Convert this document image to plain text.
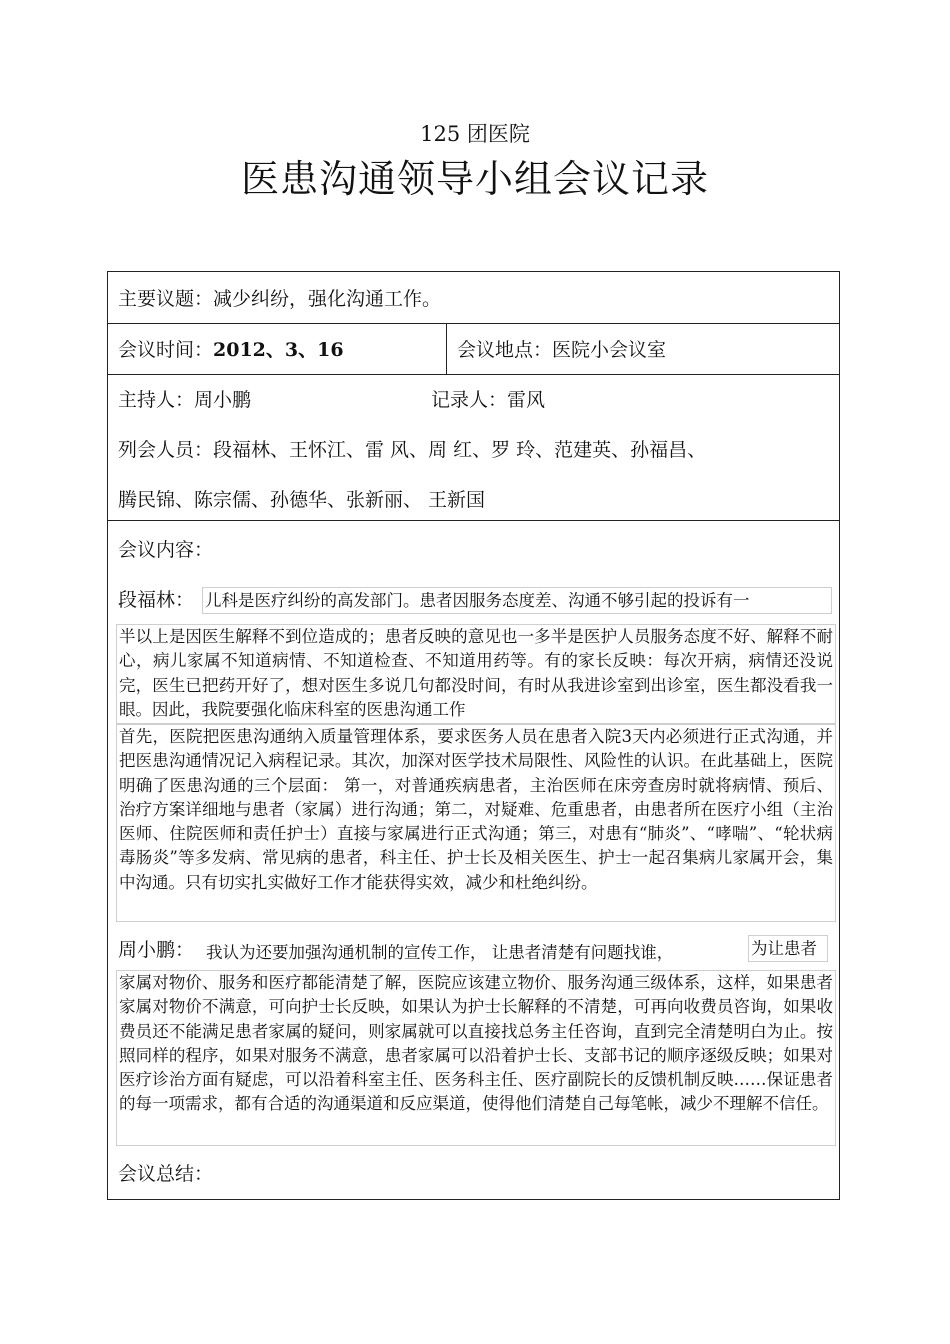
125 团医院
医患沟通领导小组会议记录
主要议题：减少纠纷，强化沟通工作。
会议时间：2012、3、16	会议地点：医院小会议室
主持人：周小鹏	记录人：雷风
列会人员：段福林、王怀江、雷 风、周 红、罗 玲、范建英、孙福昌、
腾民锦、陈宗儒、孙德华、张新丽、 王新国
会议内容：
段福林： 儿科是医疗纠纷的高发部门。患者因服务态度差、沟通不够引起的投诉有一
半以上是因医生解释不到位造成的；患者反映的意见也一多半是医护人员服务态度不好、解释不耐心，病儿家属不知道病情、不知道检查、不知道用药等。有的家长反映：每次开病，病情还没说完，医生已把药开好了，想对医生多说几句都没时间，有时从我进诊室到出诊室，医生都没看我一眼。因此，我院要强化临床科室的医患沟通工作
首先，医院把医患沟通纳入质量管理体系，要求医务人员在患者入院3天内必须进行正式沟通，并把医患沟通情况记入病程记录。其次，加深对医学技术局限性、风险性的认识。在此基础上，医院明确了医患沟通的三个层面： 第一，对普通疾病患者，主治医师在床旁查房时就将病情、预后、治疗方案详细地与患者（家属）进行沟通；第二，对疑难、危重患者，由患者所在医疗小组（主治医师、住院医师和责任护士）直接与家属进行正式沟通；第三，对患有“肺炎”、“哮喘”、“轮状病毒肠炎”等多发病、常见病的患者，科主任、护士长及相关医生、护士一起召集病儿家属开会，集中沟通。只有切实扎实做好工作才能获得实效，减少和杜绝纠纷。
周小鹏： 我认为还要加强沟通机制的宣传工作， 让患者清楚有问题找谁，	为让患者
家属对物价、服务和医疗都能清楚了解，医院应该建立物价、服务沟通三级体系，这样，如果患者家属对物价不满意，可向护士长反映，如果认为护士长解释的不清楚，可再向收费员咨询，如果收费员还不能满足患者家属的疑问，则家属就可以直接找总务主任咨询，直到完全清楚明白为止。按照同样的程序，如果对服务不满意，患者家属可以沿着护士长、支部书记的顺序逐级反映；如果对医疗诊治方面有疑虑，可以沿着科室主任、医务科主任、医疗副院长的反馈机制反映……保证患者的每一项需求，都有合适的沟通渠道和反应渠道，使得他们清楚自己每笔帐，减少不理解不信任。
会议总结：
